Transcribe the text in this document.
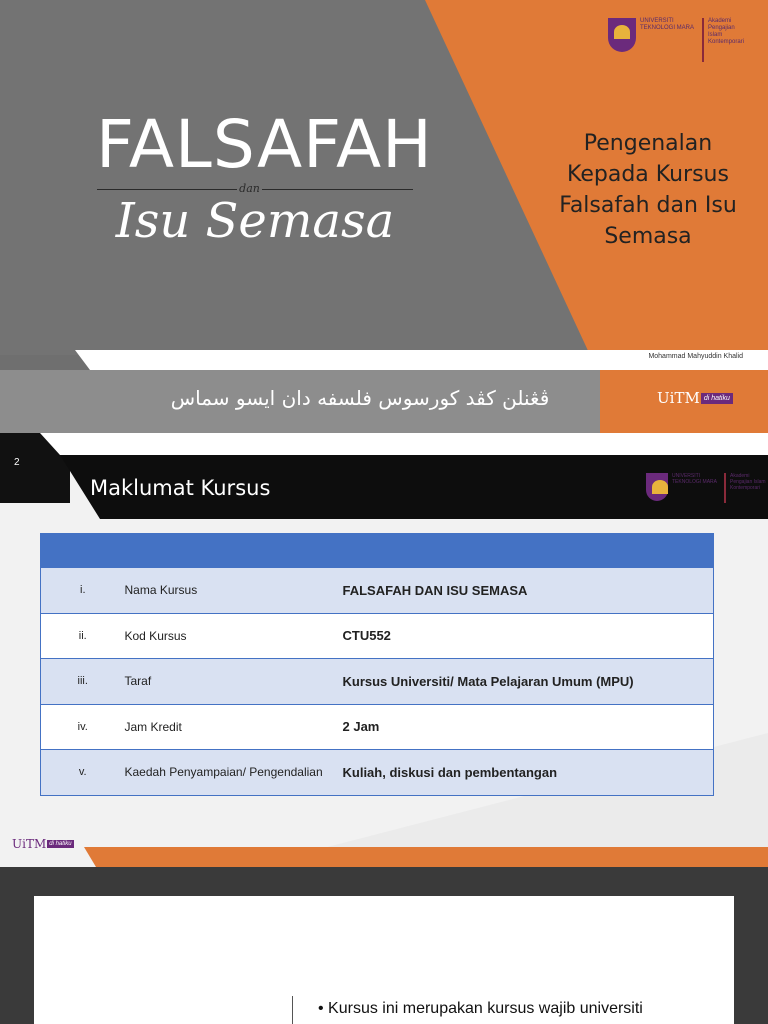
FALSAFAH
dan
Isu Semasa
Pengenalan Kepada Kursus Falsafah dan Isu Semasa
UNIVERSITI TEKNOLOGI MARA
Akademi Pengajian Islam Kontemporari
Mohammad Mahyuddin Khalid
ڤڠنلن كڤد كورسوس فلسفه دان ايسو سماس	UiTM di hatiku
2
Maklumat Kursus	UNIVERSITI TEKNOLOGI MARA
Akademi Pengajian Islam Kontemporari

i.	Nama Kursus	FALSAFAH DAN ISU SEMASA
ii.	Kod Kursus	CTU552
iii.	Taraf	Kursus Universiti/ Mata Pelajaran Umum (MPU)
iv.	Jam Kredit	2 Jam
v.	Kaedah Penyampaian/ Pengendalian	Kuliah, diskusi dan pembentangan
UiTM di hatiku
• Kursus ini merupakan kursus wajib universiti
